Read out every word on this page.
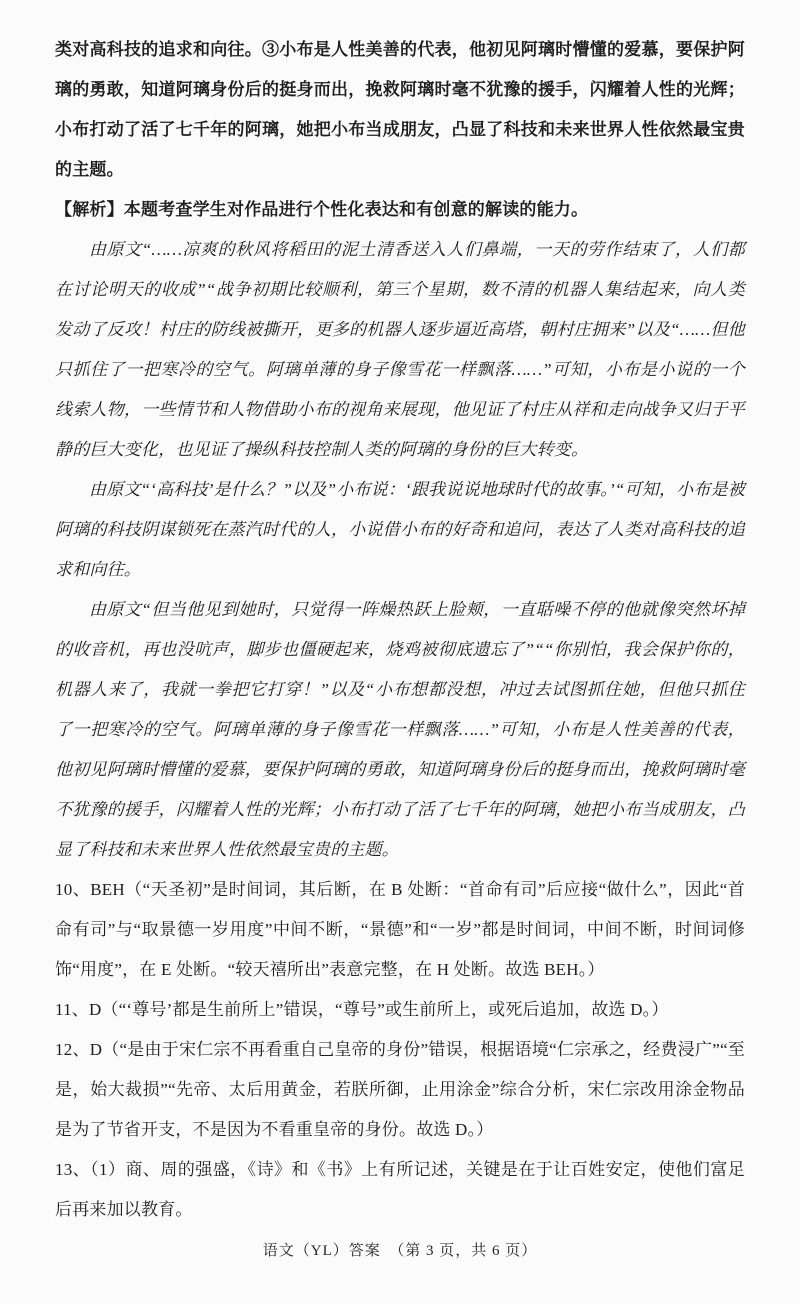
类对高科技的追求和向往。③小布是人性美善的代表，他初见阿璃时懵懂的爱慕，要保护阿璃的勇敢，知道阿璃身份后的挺身而出，挽救阿璃时毫不犹豫的援手，闪耀着人性的光辉；小布打动了活了七千年的阿璃，她把小布当成朋友，凸显了科技和未来世界人性依然最宝贵的主题。

【解析】本题考查学生对作品进行个性化表达和有创意的解读的能力。

由原文“……凉爽的秋风将稻田的泥土清香送入人们鼻端，一天的劳作结束了，人们都在讨论明天的收成”“战争初期比较顺利，第三个星期，数不清的机器人集结起来，向人类发动了反攻！村庄的防线被撕开，更多的机器人逐步逼近高塔，朝村庄拥来”以及“……但他只抓住了一把寒冷的空气。阿璃单薄的身子像雪花一样飘落……”可知，小布是小说的一个线索人物，一些情节和人物借助小布的视角来展现，他见证了村庄从祥和走向战争又归于平静的巨大变化，也见证了操纵科技控制人类的阿璃的身份的巨大转变。

由原文“‘高科技’是什么？”以及”小布说：‘跟我说说地球时代的故事。’“可知，小布是被阿璃的科技阴谋锁死在蒸汽时代的人，小说借小布的好奇和追问，表达了人类对高科技的追求和向往。

由原文“但当他见到她时，只觉得一阵燥热跃上脸颊，一直聒噪不停的他就像突然坏掉的收音机，再也没吭声，脚步也僵硬起来，烧鸡被彻底遗忘了”““你别怕，我会保护你的，机器人来了，我就一拳把它打穿！”以及“小布想都没想，冲过去试图抓住她，但他只抓住了一把寒冷的空气。阿璃单薄的身子像雪花一样飘落……”可知，小布是人性美善的代表，他初见阿璃时懵懂的爱慕，要保护阿璃的勇敢，知道阿璃身份后的挺身而出，挽救阿璃时毫不犹豫的援手，闪耀着人性的光辉；小布打动了活了七千年的阿璃，她把小布当成朋友，凸显了科技和未来世界人性依然最宝贵的主题。

10、BEH（“天圣初”是时间词，其后断，在 B 处断：“首命有司”后应接“做什么”，因此“首命有司”与“取景德一岁用度”中间不断，“景德”和“一岁”都是时间词，中间不断，时间词修饰“用度”，在 E 处断。“较天禧所出”表意完整，在 H 处断。故选 BEH。）

11、D（“‘尊号’都是生前所上”错误，“尊号”或生前所上，或死后追加，故选 D。）

12、D（“是由于宋仁宗不再看重自己皇帝的身份”错误，根据语境“仁宗承之，经费浸广”“至是，始大裁损”“先帝、太后用黄金，若朕所御，止用涂金”综合分析，宋仁宗改用涂金物品是为了节省开支，不是因为不看重皇帝的身份。故选 D。）

13、（1）商、周的强盛，《诗》和《书》上有所记述，关键是在于让百姓安定，使他们富足后再来加以教育。

语文（YL）答案　（第 3 页，共 6 页）
